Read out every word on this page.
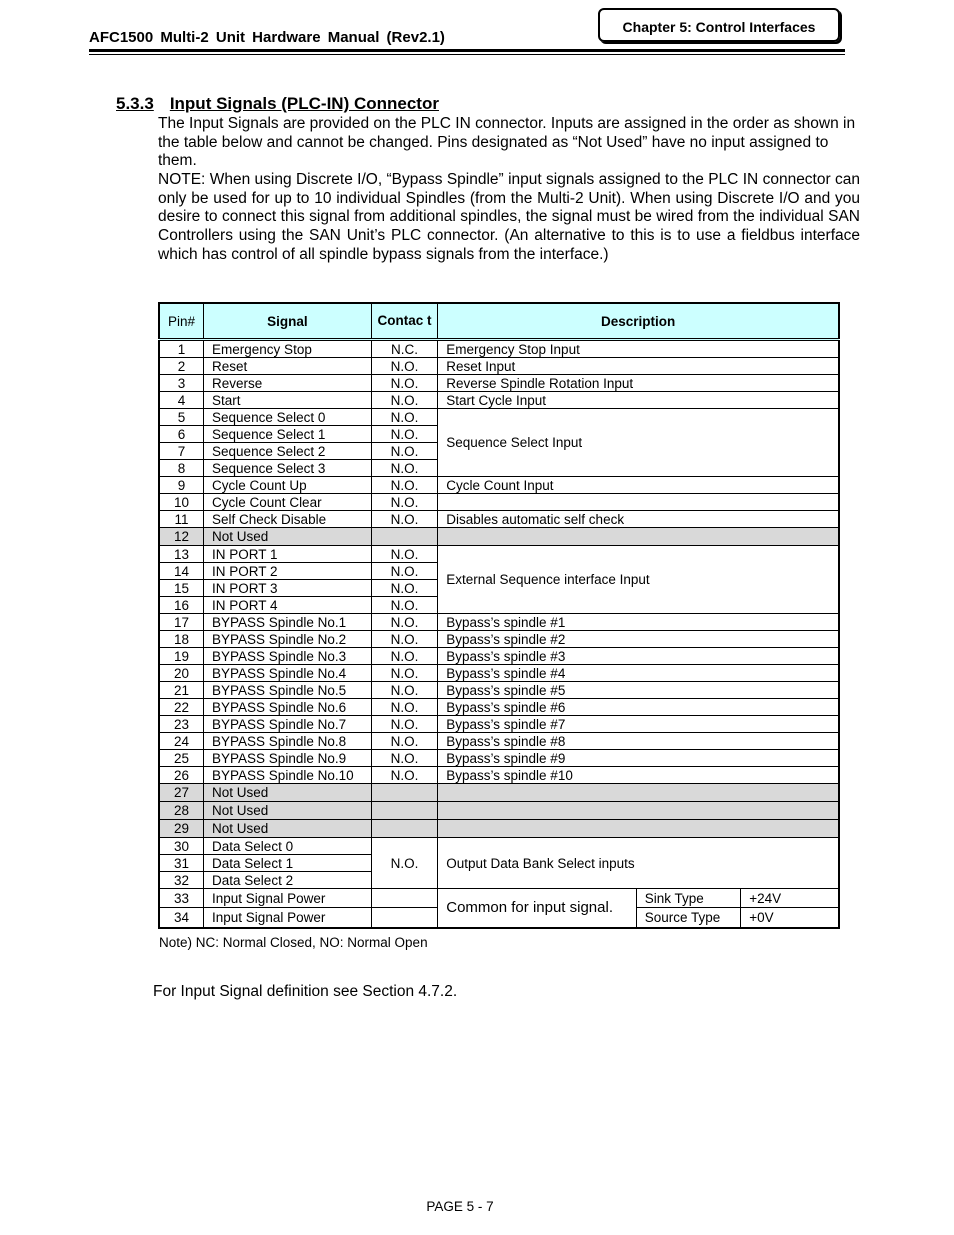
AFC1500 Multi-2 Unit Hardware Manual (Rev2.1)
Chapter 5: Control Interfaces
5.3.3 Input Signals (PLC-IN) Connector
The Input Signals are provided on the PLC IN connector. Inputs are assigned in the order as shown in the table below and cannot be changed. Pins designated as “Not Used” have no input assigned to them.
NOTE: When using Discrete I/O, “Bypass Spindle” input signals assigned to the PLC IN connector can only be used for up to 10 individual Spindles (from the Multi-2 Unit). When using Discrete I/O and you desire to connect this signal from additional spindles, the signal must be wired from the individual SAN Controllers using the SAN Unit’s PLC connector. (An alternative to this is to use a fieldbus interface which has control of all spindle bypass signals from the interface.)
Pin#	Signal	Contac t	Description		
1	Emergency Stop	N.C.	Emergency Stop Input		
2	Reset	N.O.	Reset Input		
3	Reverse	N.O.	Reverse Spindle Rotation Input		
4	Start	N.O.	Start Cycle Input		
5	Sequence Select 0	N.O.	Sequence Select Input		
6	Sequence Select 1	N.O.			
7	Sequence Select 2	N.O.			
8	Sequence Select 3	N.O.			
9	Cycle Count Up	N.O.	Cycle Count Input		
10	Cycle Count Clear	N.O.			
11	Self Check Disable	N.O.	Disables automatic self check		
12	Not Used				
13	IN PORT 1	N.O.	External Sequence interface Input		
14	IN PORT 2	N.O.			
15	IN PORT 3	N.O.			
16	IN PORT 4	N.O.			
17	BYPASS Spindle No.1	N.O.	Bypass’s spindle #1		
18	BYPASS Spindle No.2	N.O.	Bypass’s spindle #2		
19	BYPASS Spindle No.3	N.O.	Bypass’s spindle #3		
20	BYPASS Spindle No.4	N.O.	Bypass’s spindle #4		
21	BYPASS Spindle No.5	N.O.	Bypass’s spindle #5		
22	BYPASS Spindle No.6	N.O.	Bypass’s spindle #6		
23	BYPASS Spindle No.7	N.O.	Bypass’s spindle #7		
24	BYPASS Spindle No.8	N.O.	Bypass’s spindle #8		
25	BYPASS Spindle No.9	N.O.	Bypass’s spindle #9		
26	BYPASS Spindle No.10	N.O.	Bypass’s spindle #10		
27	Not Used				
28	Not Used				
29	Not Used				
30	Data Select 0	N.O.	Output Data Bank Select inputs		
31	Data Select 1				
32	Data Select 2				
33	Input Signal Power		Common for input signal.	Sink Type	+24V
34	Input Signal Power			Source Type	+0V
Note) NC: Normal Closed, NO: Normal Open
For Input Signal definition see Section 4.7.2.
PAGE 5 - 7
